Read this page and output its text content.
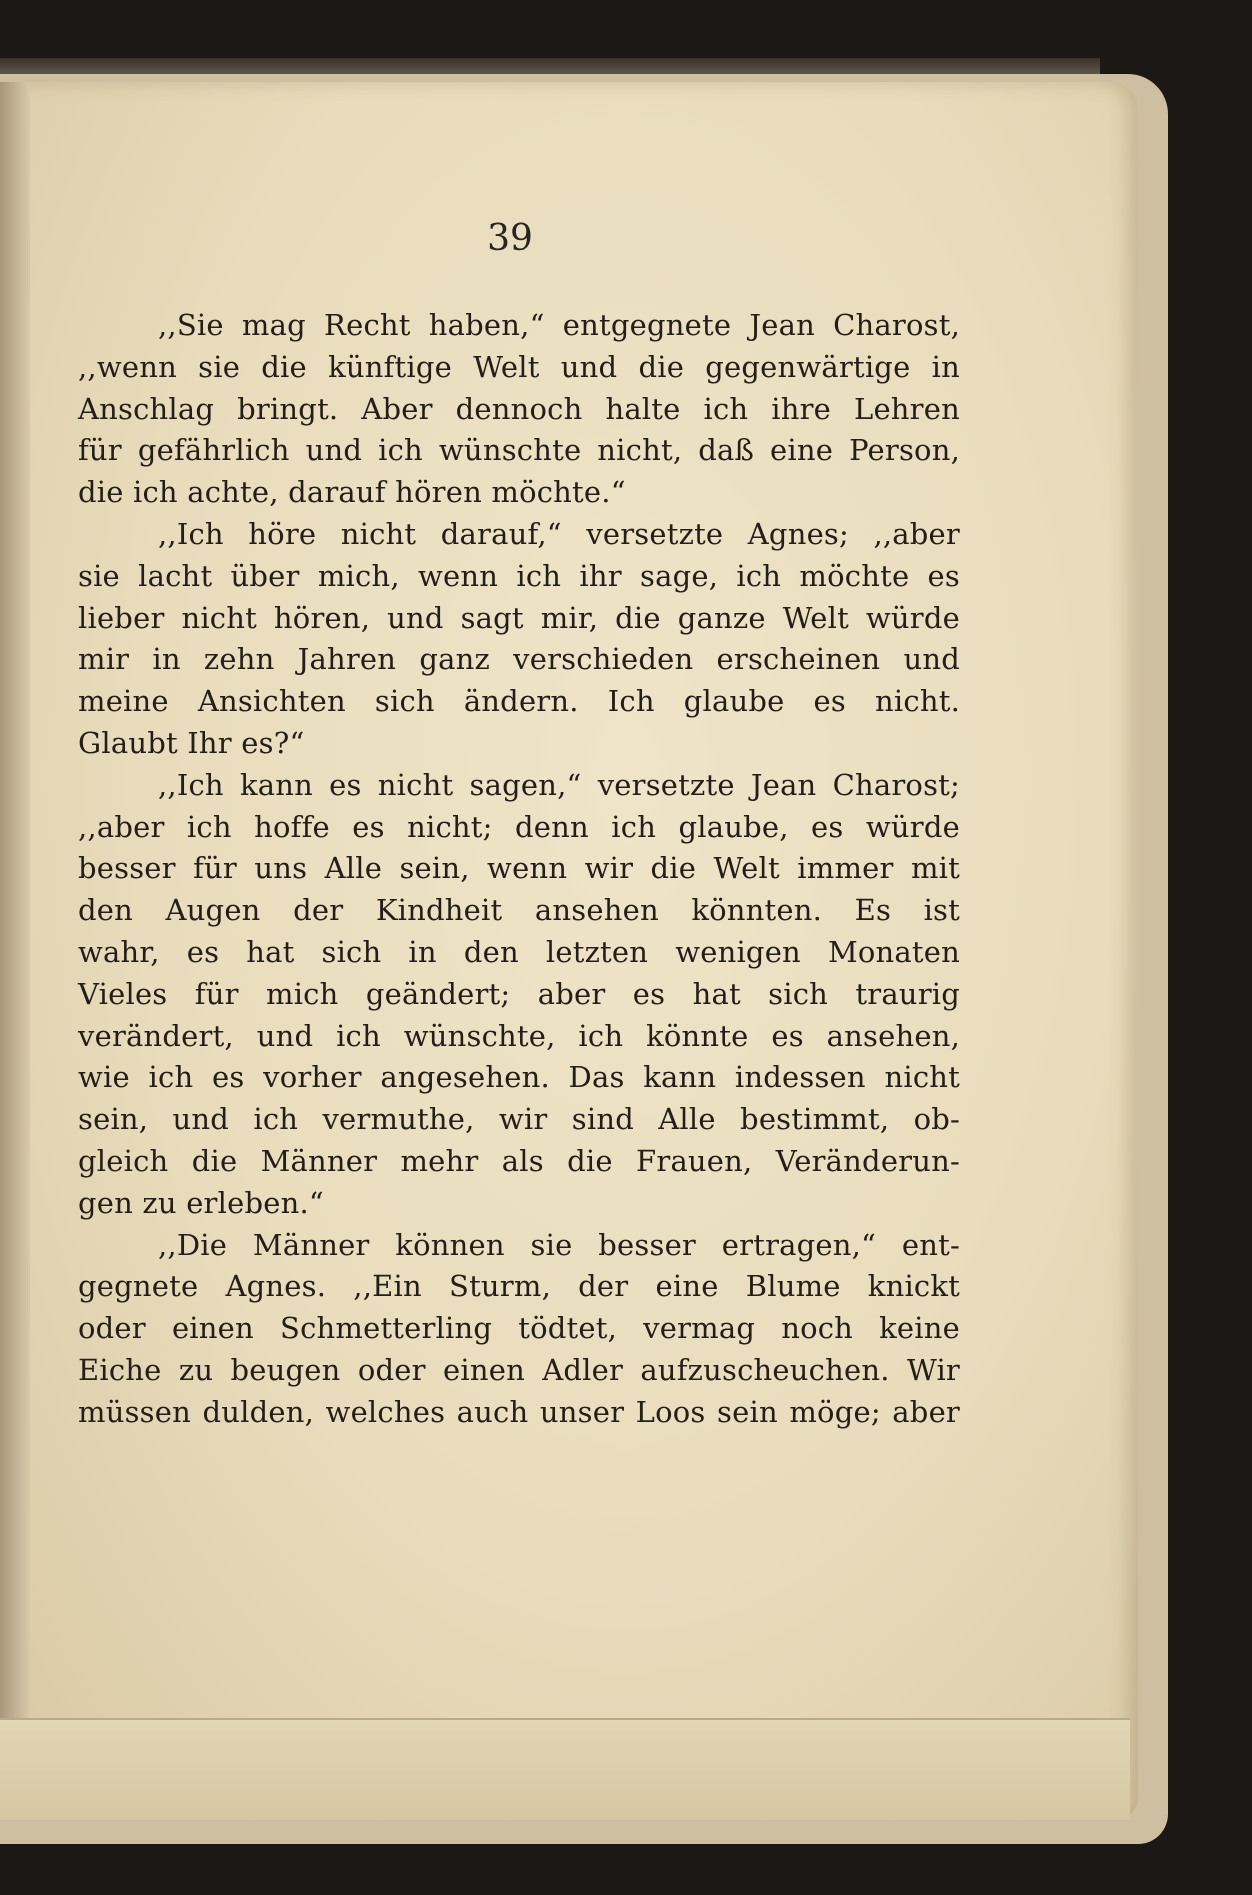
39
,,Sie mag Recht haben,“ entgegnete Jean Charost,
,,wenn sie die künftige Welt und die gegenwärtige in
Anschlag bringt. Aber dennoch halte ich ihre Lehren
für gefährlich und ich wünschte nicht, daß eine Person,
die ich achte, darauf hören möchte.“
,,Ich höre nicht darauf,“ versetzte Agnes; ,,aber
sie lacht über mich, wenn ich ihr sage, ich möchte es
lieber nicht hören, und sagt mir, die ganze Welt würde
mir in zehn Jahren ganz verschieden erscheinen und
meine Ansichten sich ändern. Ich glaube es nicht.
Glaubt Ihr es?“
,,Ich kann es nicht sagen,“ versetzte Jean Charost;
,,aber ich hoffe es nicht; denn ich glaube, es würde
besser für uns Alle sein, wenn wir die Welt immer mit
den Augen der Kindheit ansehen könnten. Es ist
wahr, es hat sich in den letzten wenigen Monaten
Vieles für mich geändert; aber es hat sich traurig
verändert, und ich wünschte, ich könnte es ansehen,
wie ich es vorher angesehen. Das kann indessen nicht
sein, und ich vermuthe, wir sind Alle bestimmt, ob-
gleich die Männer mehr als die Frauen, Veränderun-
gen zu erleben.“
,,Die Männer können sie besser ertragen,“ ent-
gegnete Agnes. ,,Ein Sturm, der eine Blume knickt
oder einen Schmetterling tödtet, vermag noch keine
Eiche zu beugen oder einen Adler aufzuscheuchen. Wir
müssen dulden, welches auch unser Loos sein möge; aber
